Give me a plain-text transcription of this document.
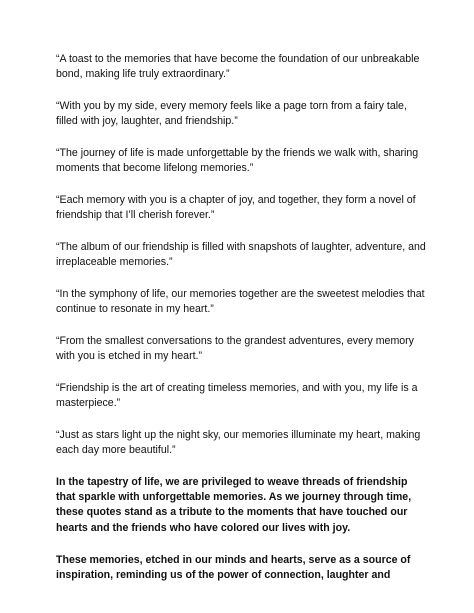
“A toast to the memories that have become the foundation of our unbreakable bond, making life truly extraordinary.”

“With you by my side, every memory feels like a page torn from a fairy tale, filled with joy, laughter, and friendship.”

“The journey of life is made unforgettable by the friends we walk with, sharing moments that become lifelong memories.”

“Each memory with you is a chapter of joy, and together, they form a novel of friendship that I’ll cherish forever.”

“The album of our friendship is filled with snapshots of laughter, adventure, and irreplaceable memories.”

“In the symphony of life, our memories together are the sweetest melodies that continue to resonate in my heart.”

“From the smallest conversations to the grandest adventures, every memory with you is etched in my heart.”

“Friendship is the art of creating timeless memories, and with you, my life is a masterpiece.”

“Just as stars light up the night sky, our memories illuminate my heart, making each day more beautiful.”

In the tapestry of life, we are privileged to weave threads of friendship that sparkle with unforgettable memories. As we journey through time, these quotes stand as a tribute to the moments that have touched our hearts and the friends who have colored our lives with joy.

These memories, etched in our minds and hearts, serve as a source of inspiration, reminding us of the power of connection, laughter and
